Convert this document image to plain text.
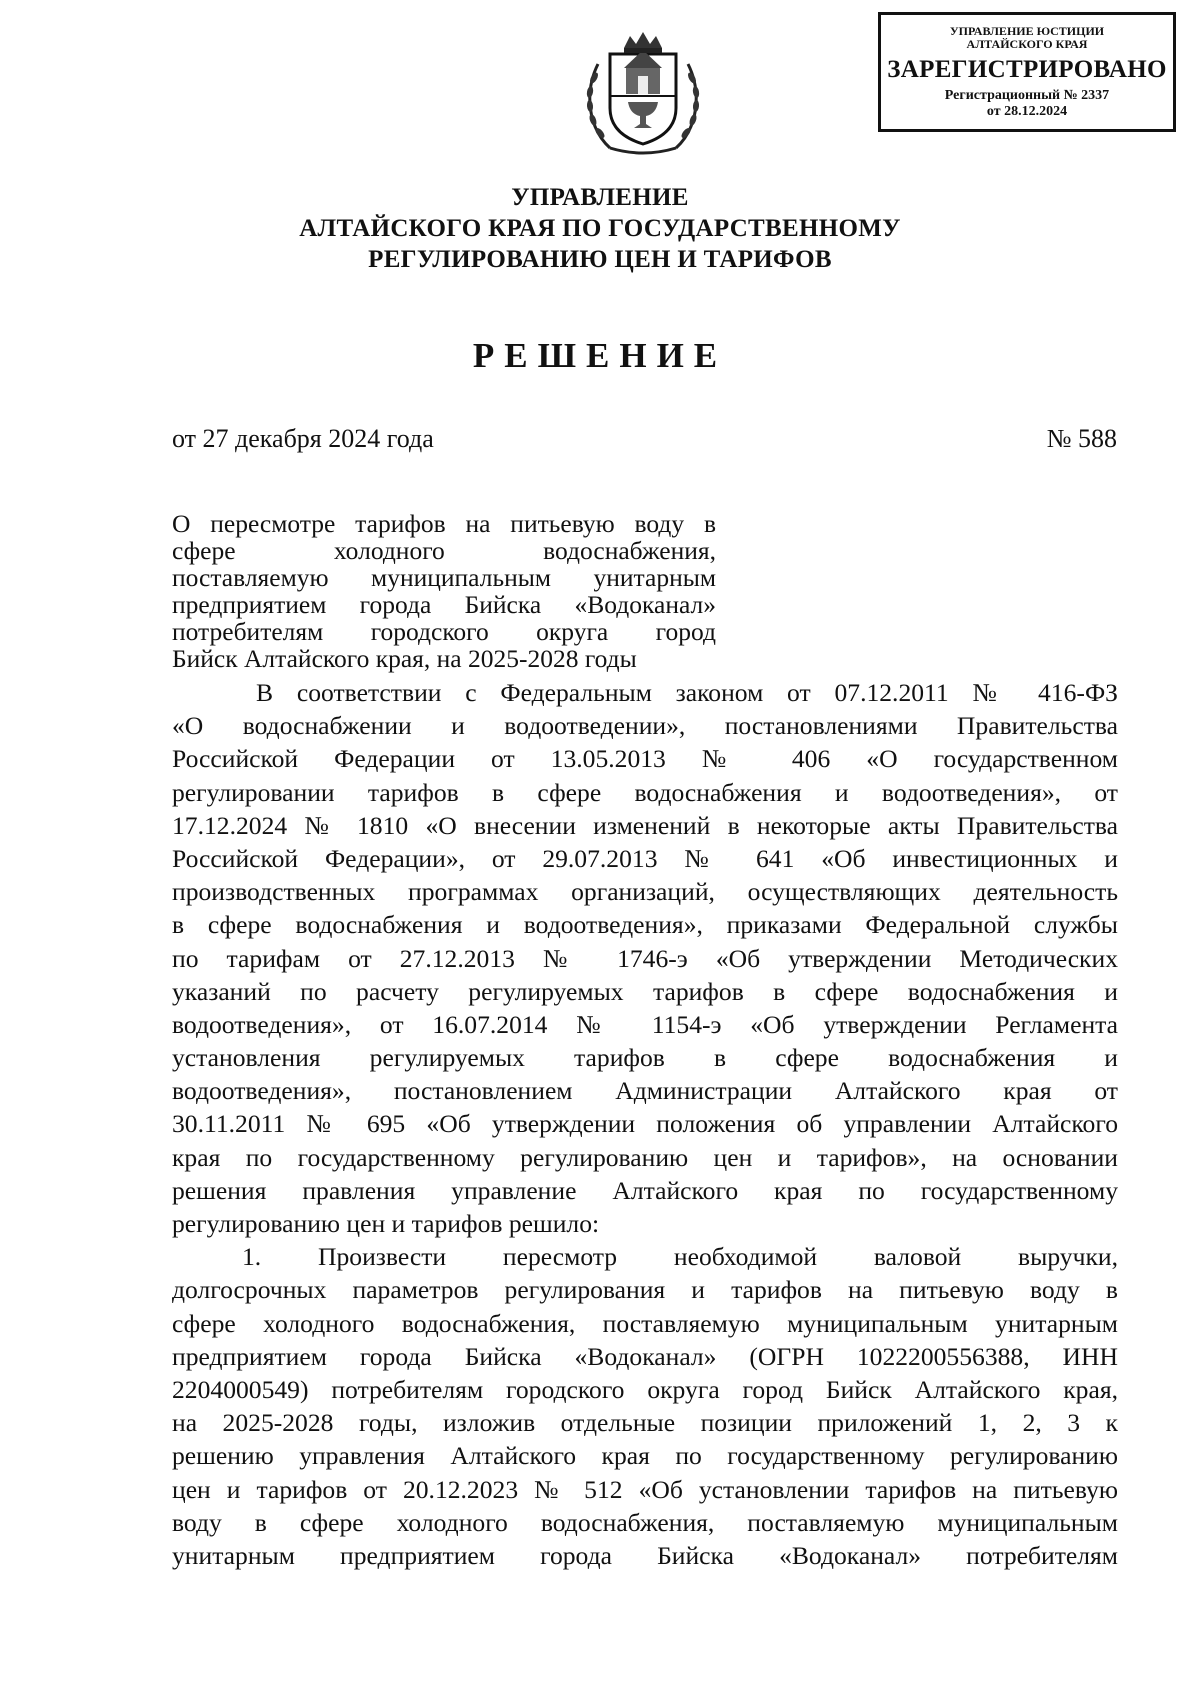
УПРАВЛЕНИЕ ЮСТИЦИИ
АЛТАЙСКОГО КРАЯ
ЗАРЕГИСТРИРОВАНО
Регистрационный № 2337
от 28.12.2024
УПРАВЛЕНИЕ
АЛТАЙСКОГО КРАЯ ПО ГОСУДАРСТВЕННОМУ
РЕГУЛИРОВАНИЮ ЦЕН И ТАРИФОВ
РЕШЕНИЕ
от 27 декабря 2024 года	№ 588
О пересмотре тарифов на питьевую воду в
сфере холодного водоснабжения,
поставляемую муниципальным унитарным
предприятием города Бийска «Водоканал»
потребителям городского округа город
Бийск Алтайского края, на 2025-2028 годы
В соответствии с Федеральным законом от 07.12.2011 № 416-ФЗ
«О водоснабжении и водоотведении», постановлениями Правительства
Российской Федерации от 13.05.2013 № 406 «О государственном
регулировании тарифов в сфере водоснабжения и водоотведения», от
17.12.2024 № 1810 «О внесении изменений в некоторые акты Правительства
Российской Федерации», от 29.07.2013 № 641 «Об инвестиционных и
производственных программах организаций, осуществляющих деятельность
в сфере водоснабжения и водоотведения», приказами Федеральной службы
по тарифам от 27.12.2013 № 1746-э «Об утверждении Методических
указаний по расчету регулируемых тарифов в сфере водоснабжения и
водоотведения», от 16.07.2014 № 1154-э «Об утверждении Регламента
установления регулируемых тарифов в сфере водоснабжения и
водоотведения», постановлением Администрации Алтайского края от
30.11.2011 № 695 «Об утверждении положения об управлении Алтайского
края по государственному регулированию цен и тарифов», на основании
решения правления управление Алтайского края по государственному
регулированию цен и тарифов решило:
1. Произвести пересмотр необходимой валовой выручки,
долгосрочных параметров регулирования и тарифов на питьевую воду в
сфере холодного водоснабжения, поставляемую муниципальным унитарным
предприятием города Бийска «Водоканал» (ОГРН 1022200556388, ИНН
2204000549) потребителям городского округа город Бийск Алтайского края,
на 2025-2028 годы, изложив отдельные позиции приложений 1, 2, 3 к
решению управления Алтайского края по государственному регулированию
цен и тарифов от 20.12.2023 № 512 «Об установлении тарифов на питьевую
воду в сфере холодного водоснабжения, поставляемую муниципальным
унитарным предприятием города Бийска «Водоканал» потребителям
